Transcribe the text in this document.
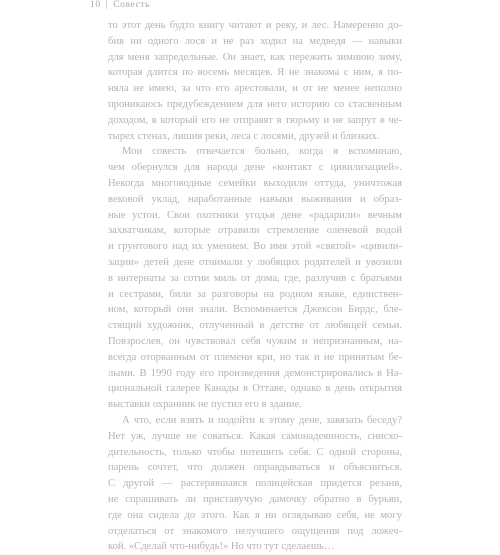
10 | Совесть
то этот день будто книгу читают и реку, и лес. Намеренно до-
бив ни одного лося и не раз ходил на медведя — навыки
для меня запредельные. Он знает, как пережить зимнюю зиму,
которая длится по восемь месяцев. Я не знакома с ним, я по-
няла не имею, за что его арестовали, и от не менее неполно
проникаюсь предубеждением для него историю со стасвенным
доходом, в который его не отправят в тюрьму и не запрут в че-
тырех стенах, лишив реки, леса с лосями, друзей и близких.
Мои совесть отвечается больно, когда я вспоминаю,
чем обернулся для народа дене «контакт с цивилизацией».
Некогда многоводные семейки выходили оттуда, уничтожая
вековой уклад, наработанные навыки выживания и образ-
ные устои. Свои охотники угодья дене «радарили» вечным
захватчикам, которые отравили стремление оленевой водой
и грунтового над их умением. Во имя этой «святой» «цивили-
зации» детей дене отнимали у любящих родителей и увозили
в интернаты за сотни миль от дома, где, разлучив с братьями
и сестрами, били за разговоры на родном языке, единствен-
ном, который они знали. Вспоминается Джексон Бирдс, бле-
стящий художник, отлученный в детстве от любящей семьи.
Повзрослев, он чувствовал себя чужим и непризнанным, на-
всегда оторванным от племени кри, но так и не принятым бе-
лыми. В 1990 году его произведения демонстрировались в На-
циональной галерее Канады в Оттаве, однако в день открытия
выставки охранник не пустил его в здание.
А что, если взять и подойти к этому дене, завязать беседу?
Нет уж, лучше не соваться. Какая самонадеянность, снисхо-
дительность, только чтобы потешить себя. С одной стороны,
парень сочтет, что должен оправдываться и объясниться.
С другой — растерявшаяся полицейская придется резанв,
не спрашивать ли приставучую дамочку обратно в бурьян,
где она сидела до этого. Как я ни оглядываю себя, не могу
отделаться от знакомого нелучшего ощущения под ложеч-
кой. «Сделай что-нибудь!» Но что тут сделаешь…
